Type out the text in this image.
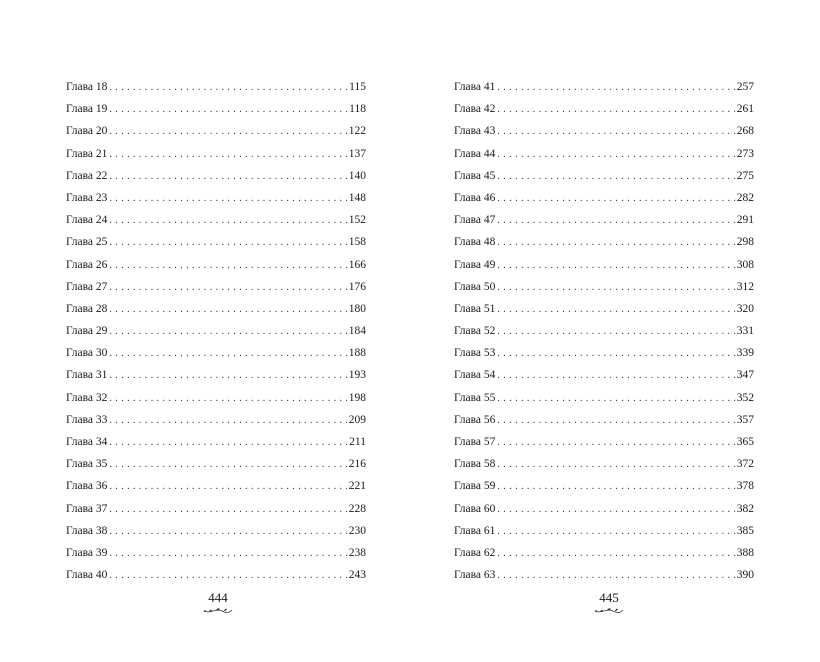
Глава 18 . . .	115
Глава 19 . . .	118
Глава 20 . . .	122
Глава 21 . . .	137
Глава 22 . . .	140
Глава 23 . . .	148
Глава 24 . . .	152
Глава 25 . . .	158
Глава 26 . . .	166
Глава 27 . . .	176
Глава 28 . . .	180
Глава 29 . . .	184
Глава 30 . . .	188
Глава 31 . . .	193
Глава 32 . . .	198
Глава 33 . . .	209
Глава 34 . . .	211
Глава 35 . . .	216
Глава 36 . . .	221
Глава 37 . . .	228
Глава 38 . . .	230
Глава 39 . . .	238
Глава 40 . . .	243
444
Глава 41 . . .	257
Глава 42 . . .	261
Глава 43 . . .	268
Глава 44 . . .	273
Глава 45 . . .	275
Глава 46 . . .	282
Глава 47 . . .	291
Глава 48 . . .	298
Глава 49 . . .	308
Глава 50 . . .	312
Глава 51 . . .	320
Глава 52 . . .	331
Глава 53 . . .	339
Глава 54 . . .	347
Глава 55 . . .	352
Глава 56 . . .	357
Глава 57 . . .	365
Глава 58 . . .	372
Глава 59 . . .	378
Глава 60 . . .	382
Глава 61 . . .	385
Глава 62 . . .	388
Глава 63 . . .	390
445
